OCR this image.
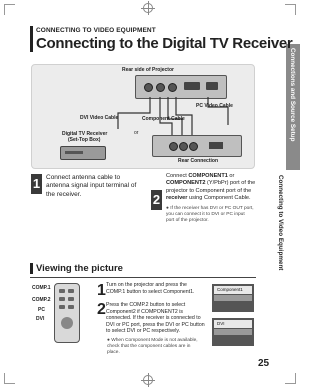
Connections and Source Setup
Connecting to Video Equipment
CONNECTING TO VIDEO EQUIPMENT
Connecting to the Digital TV Receiver
Rear side of Projector
PC Video Cable
DVI Video Cable	Component Cable
or
Digital TV Receiver
(Set-Top Box)
Rear Connection
1 Connect antenna cable to antenna signal input terminal of the receiver.	2
Connect COMPONENT1 or COMPONENT2 (Y/PbPr) port of the projector to Component port of the receiver using Component Cable.
● If the receiver has DVI or PC OUT port, you can connect it to DVI or PC input port of the projector.
Viewing the picture
COMP.1
COMP.2
PC
DVI
1 Turn on the projector and press the COMP.1 button to select Component1.
2 Press the COMP.2 button to select Component2 if COMPONENT2 is connected. If the receiver is connected to DVI or PC port, press the DVI or PC button to select DVI or PC respectively.
● When Component Mode is not available, check that the component cables are in place.
Component1
DVI
25
